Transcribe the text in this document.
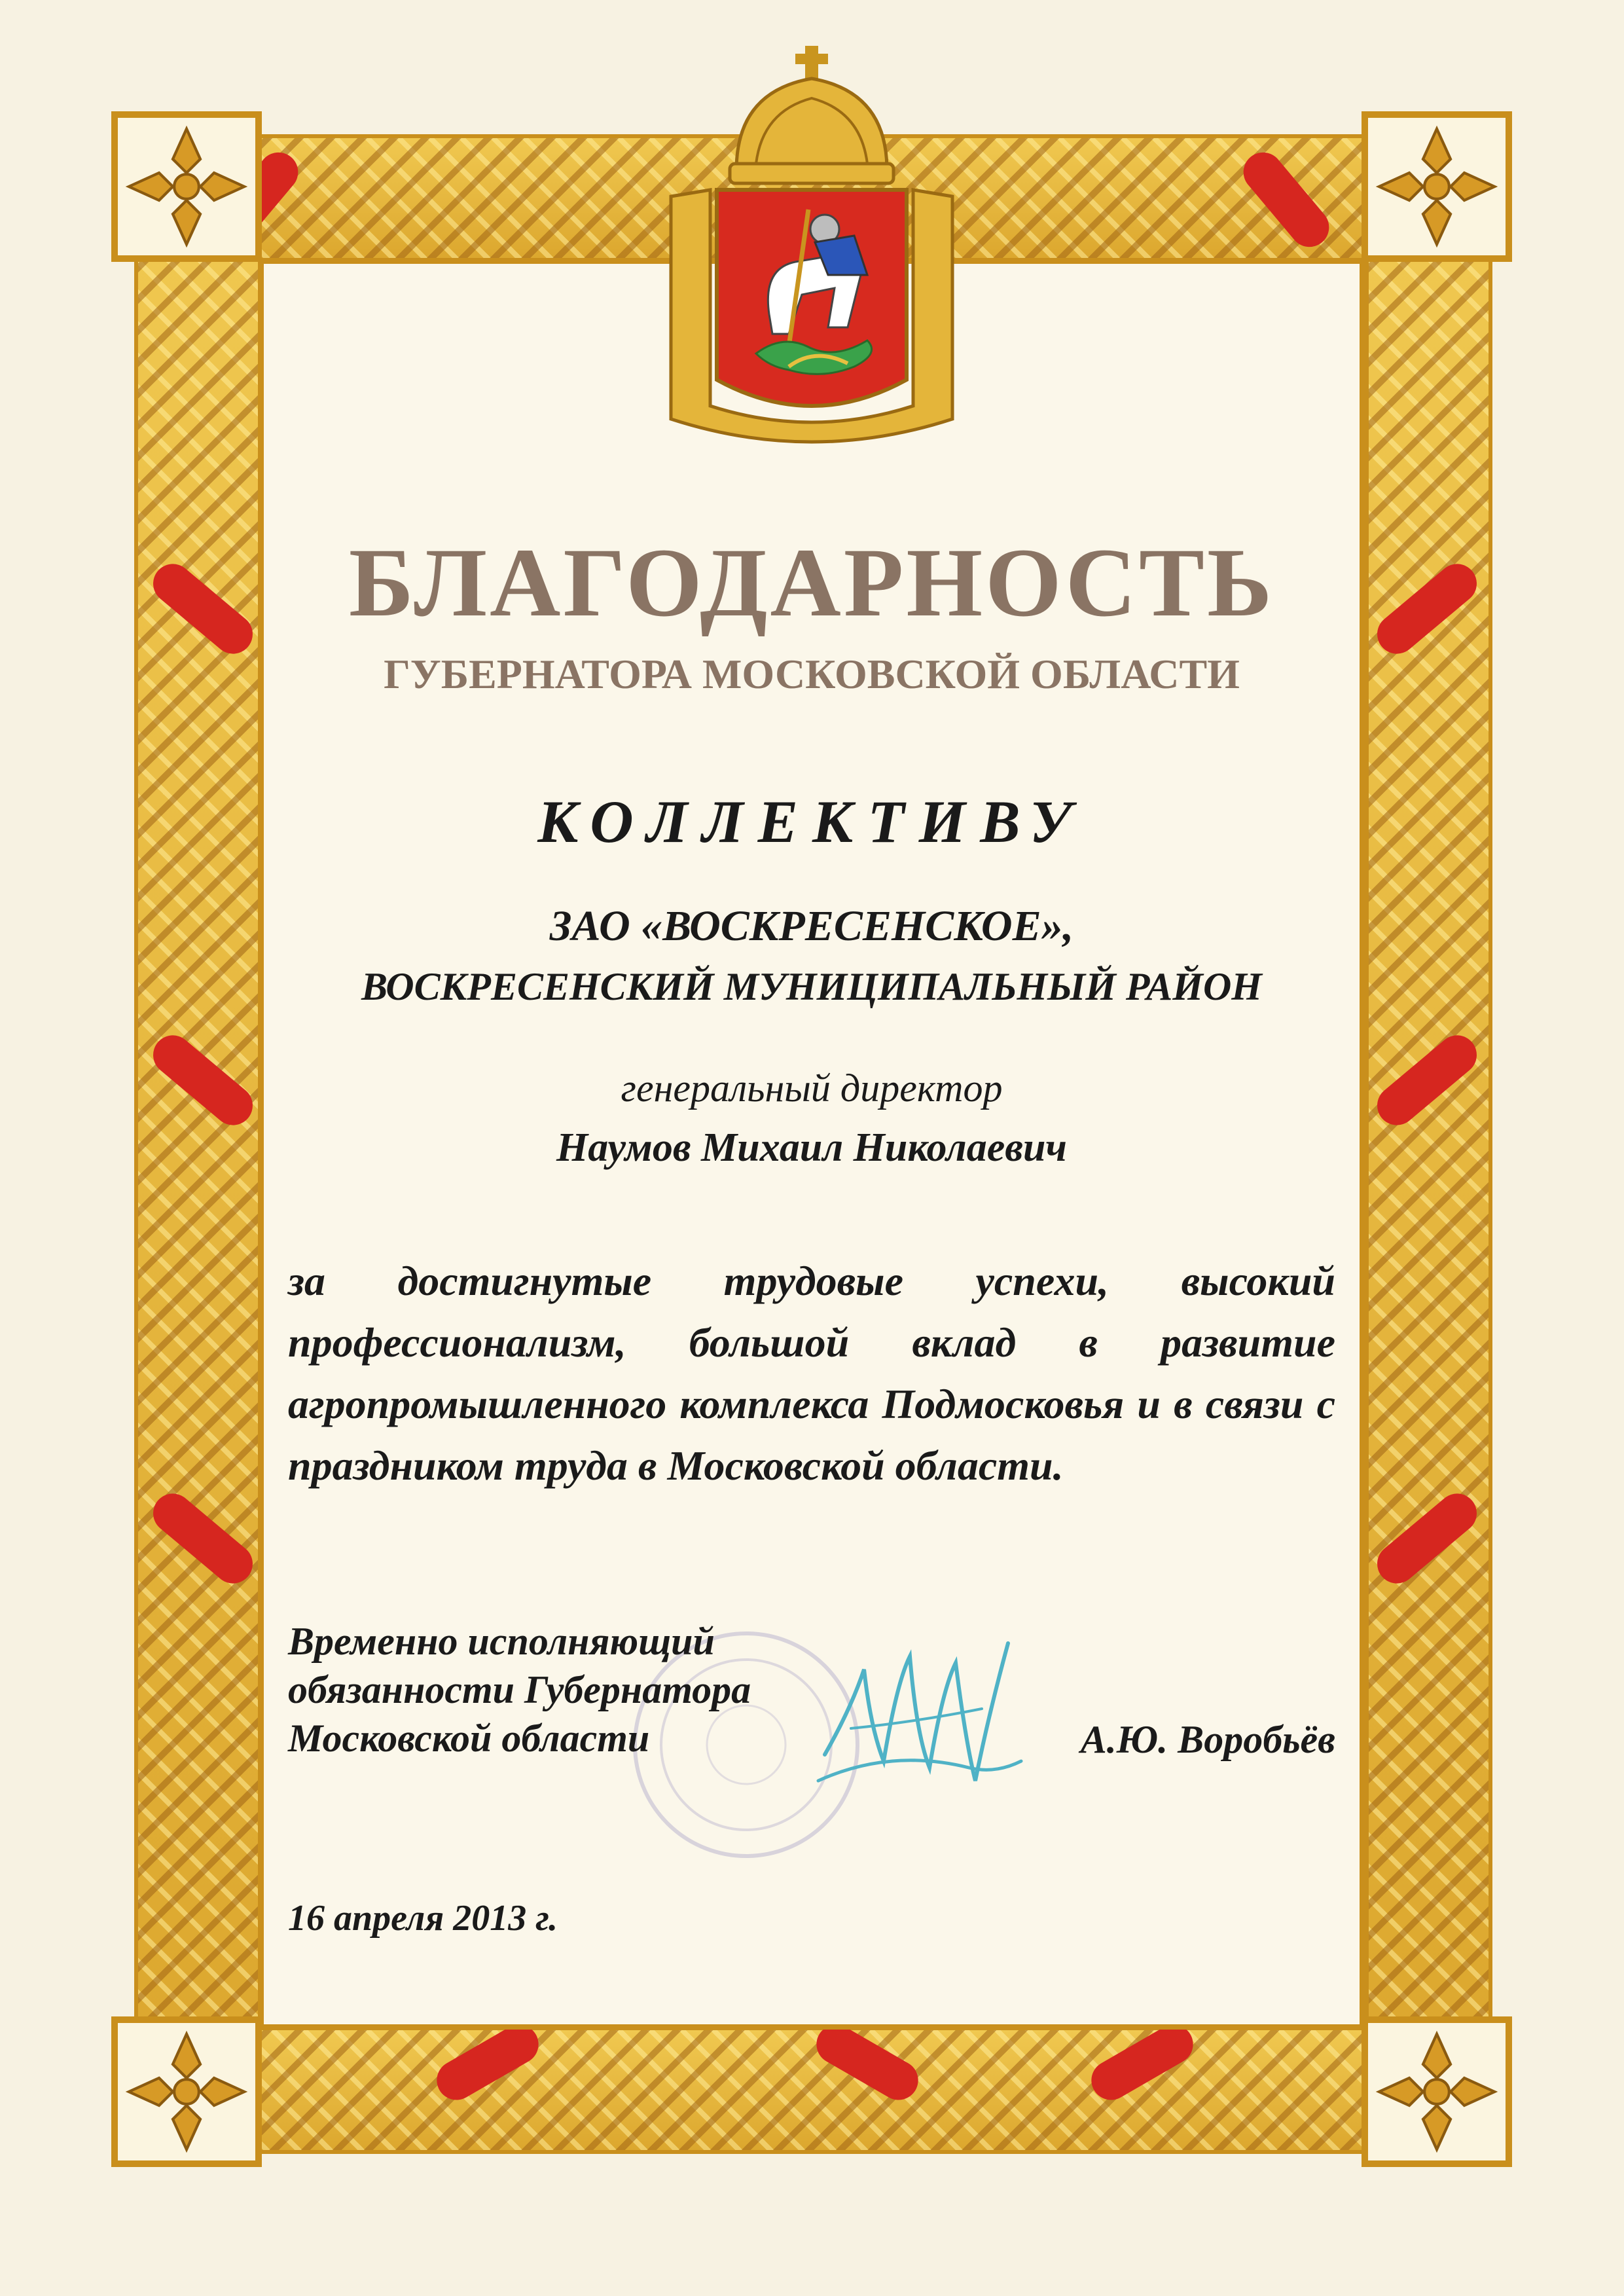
БЛАГОДАРНОСТЬ
ГУБЕРНАТОРА МОСКОВСКОЙ ОБЛАСТИ
КОЛЛЕКТИВУ
ЗАО «ВОСКРЕСЕНСКОЕ»,
ВОСКРЕСЕНСКИЙ МУНИЦИПАЛЬНЫЙ РАЙОН
генеральный директор
Наумов Михаил Николаевич

за достигнутые трудовые успехи, высокий профессионализм, большой вклад в развитие агропромышленного комплекса Подмосковья и в связи с праздником труда в Московской области.

Временно исполняющий
обязанности Губернатора
Московской области	А.Ю. Воробьёв

16 апреля 2013 г.
